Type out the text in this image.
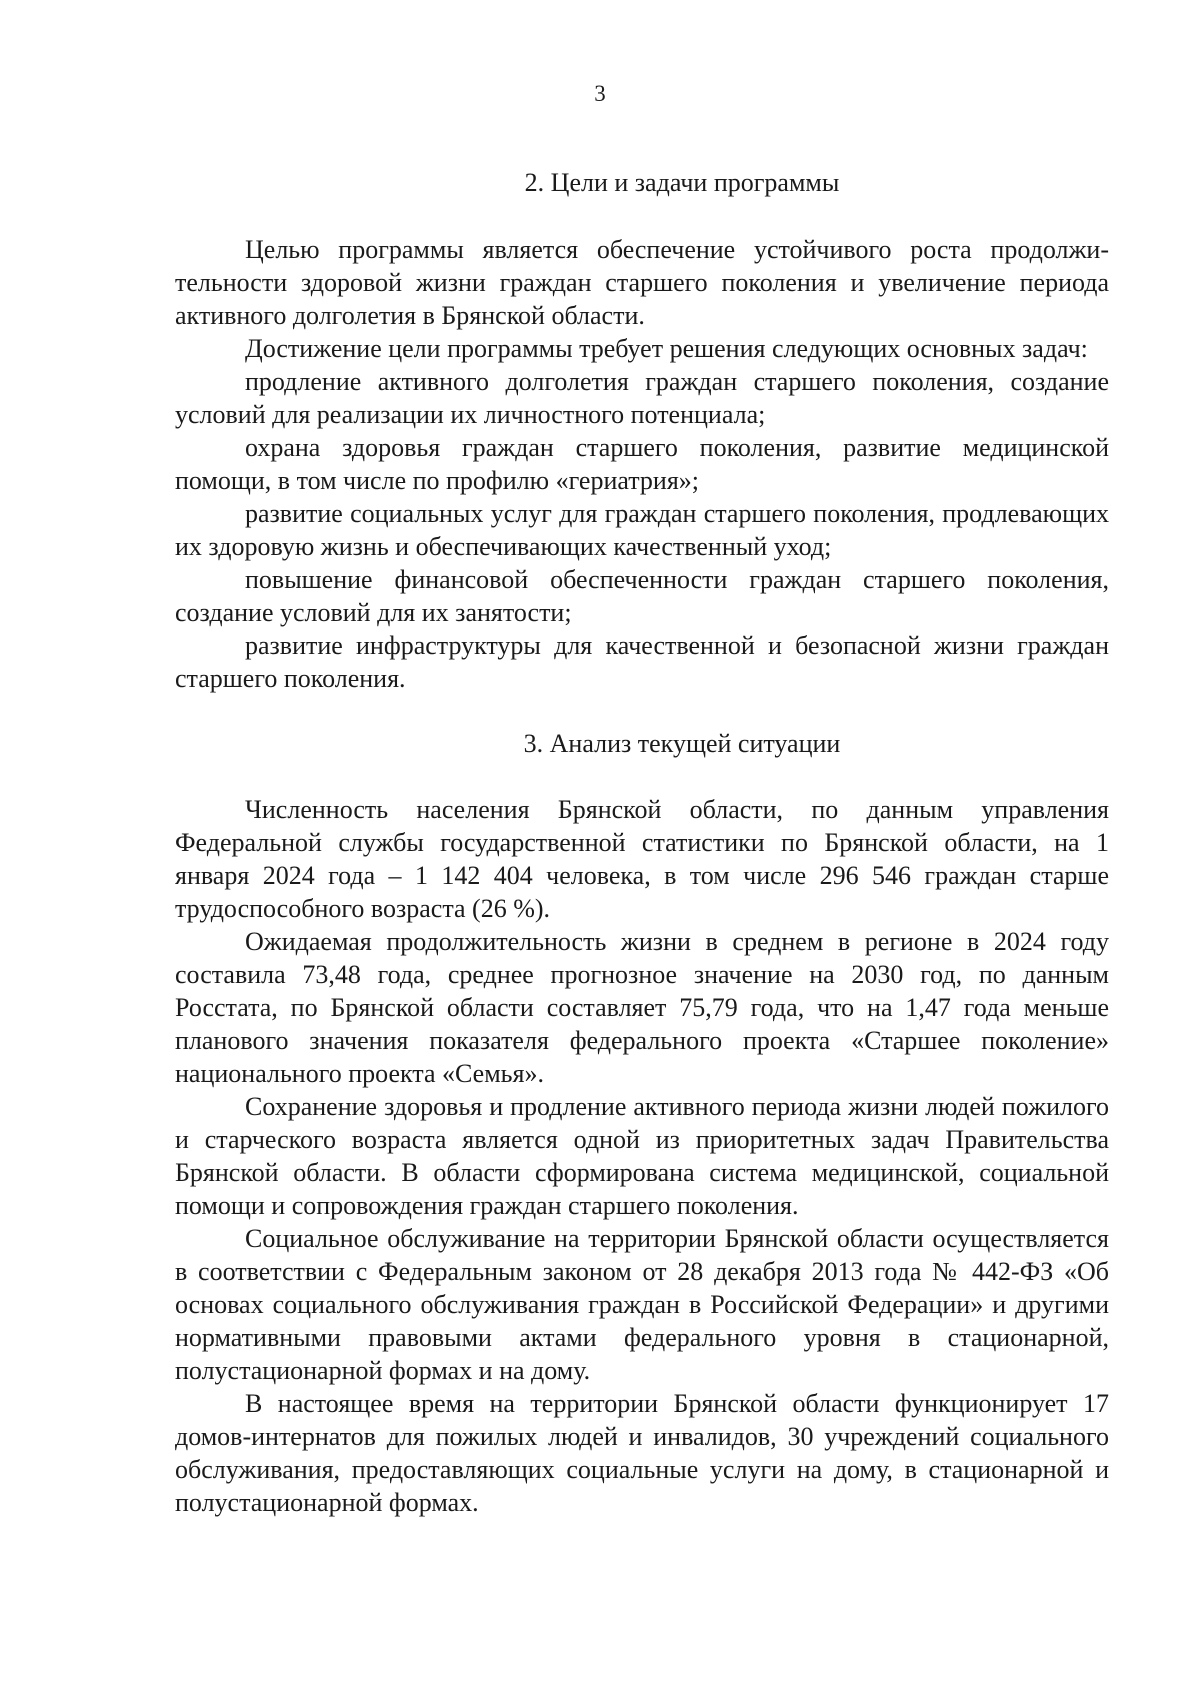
3
2. Цели и задачи программы

Целью программы является обеспечение устойчивого роста продолжительности здоровой жизни граждан старшего поколения и увеличение периода активного долголетия в Брянской области.

Достижение цели программы требует решения следующих основных задач:

продление активного долголетия граждан старшего поколения, создание условий для реализации их личностного потенциала;

охрана здоровья граждан старшего поколения, развитие медицинской помощи, в том числе по профилю «гериатрия»;

развитие социальных услуг для граждан старшего поколения, продлевающих их здоровую жизнь и обеспечивающих качественный уход;

повышение финансовой обеспеченности граждан старшего поколения, создание условий для их занятости;

развитие инфраструктуры для качественной и безопасной жизни граждан старшего поколения.

3. Анализ текущей ситуации

Численность населения Брянской области, по данным управления Федеральной службы государственной статистики по Брянской области, на 1 января 2024 года – 1 142 404 человека, в том числе 296 546 граждан старше трудоспособного возраста (26 %).

Ожидаемая продолжительность жизни в среднем в регионе в 2024 году составила 73,48 года, среднее прогнозное значение на 2030 год, по данным Росстата, по Брянской области составляет 75,79 года, что на 1,47 года меньше планового значения показателя федерального проекта «Старшее поколение» национального проекта «Семья».

Сохранение здоровья и продление активного периода жизни людей пожилого и старческого возраста является одной из приоритетных задач Правительства Брянской области. В области сформирована система медицинской, социальной помощи и сопровождения граждан старшего поколения.

Социальное обслуживание на территории Брянской области осуществляется в соответствии с Федеральным законом от 28 декабря 2013 года № 442-ФЗ «Об основах социального обслуживания граждан в Российской Федерации» и другими нормативными правовыми актами федерального уровня в стационарной, полустационарной формах и на дому.

В настоящее время на территории Брянской области функционирует 17 домов-интернатов для пожилых людей и инвалидов, 30 учреждений социального обслуживания, предоставляющих социальные услуги на дому, в стационарной и полустационарной формах.
